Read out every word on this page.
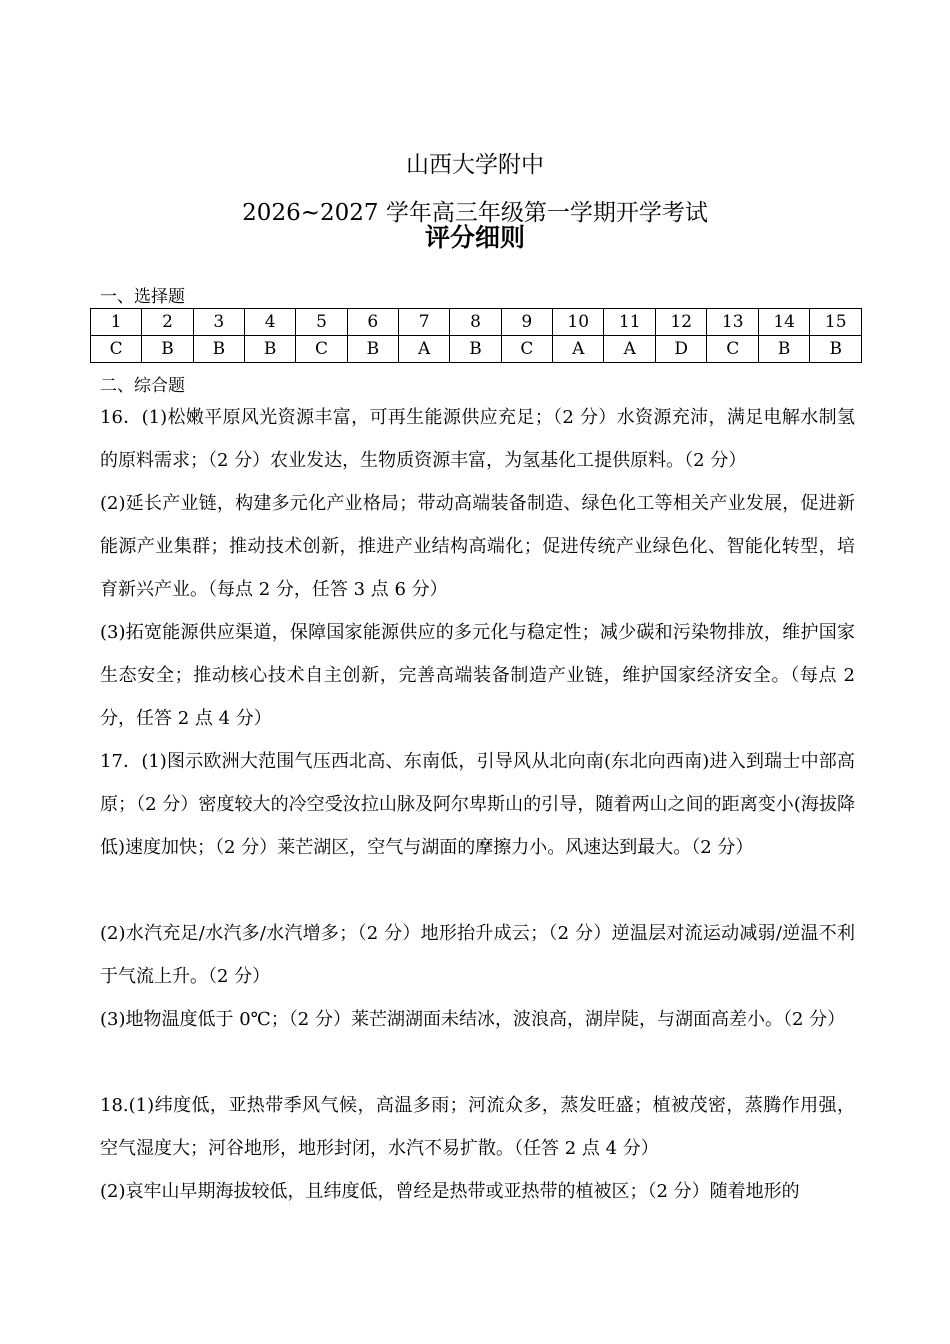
山西大学附中
2026~2027 学年高三年级第一学期开学考试
评分细则
一、选择题
1	2	3	4	5	6	7	8	9	10	11	12	13	14	15
C	B	B	B	C	B	A	B	C	A	A	D	C	B	B
二、综合题

16．(1)松嫩平原风光资源丰富，可再生能源供应充足；（2 分）水资源充沛，满足电解水制氢的原料需求；（2 分）农业发达，生物质资源丰富，为氢基化工提供原料。（2 分）

(2)延长产业链，构建多元化产业格局；带动高端装备制造、绿色化工等相关产业发展，促进新能源产业集群；推动技术创新，推进产业结构高端化；促进传统产业绿色化、智能化转型，培育新兴产业。（每点 2 分，任答 3 点 6 分）

(3)拓宽能源供应渠道，保障国家能源供应的多元化与稳定性；减少碳和污染物排放，维护国家生态安全；推动核心技术自主创新，完善高端装备制造产业链，维护国家经济安全。（每点 2 分，任答 2 点 4 分）

17．(1)图示欧洲大范围气压西北高、东南低，引导风从北向南(东北向西南)进入到瑞士中部高原；（2 分）密度较大的冷空受汝拉山脉及阿尔卑斯山的引导，随着两山之间的距离变小(海拔降低)速度加快；（2 分）莱芒湖区，空气与湖面的摩擦力小。风速达到最大。（2 分）

(2)水汽充足/水汽多/水汽增多；（2 分）地形抬升成云；（2 分）逆温层对流运动减弱/逆温不利于气流上升。（2 分）

(3)地物温度低于 0℃；（2 分）莱芒湖湖面未结冰，波浪高，湖岸陡，与湖面高差小。（2 分）

18.(1)纬度低，亚热带季风气候，高温多雨；河流众多，蒸发旺盛；植被茂密，蒸腾作用强，空气湿度大；河谷地形，地形封闭，水汽不易扩散。（任答 2 点 4 分）

(2)哀牢山早期海拔较低，且纬度低，曾经是热带或亚热带的植被区；（2 分）随着地形的
